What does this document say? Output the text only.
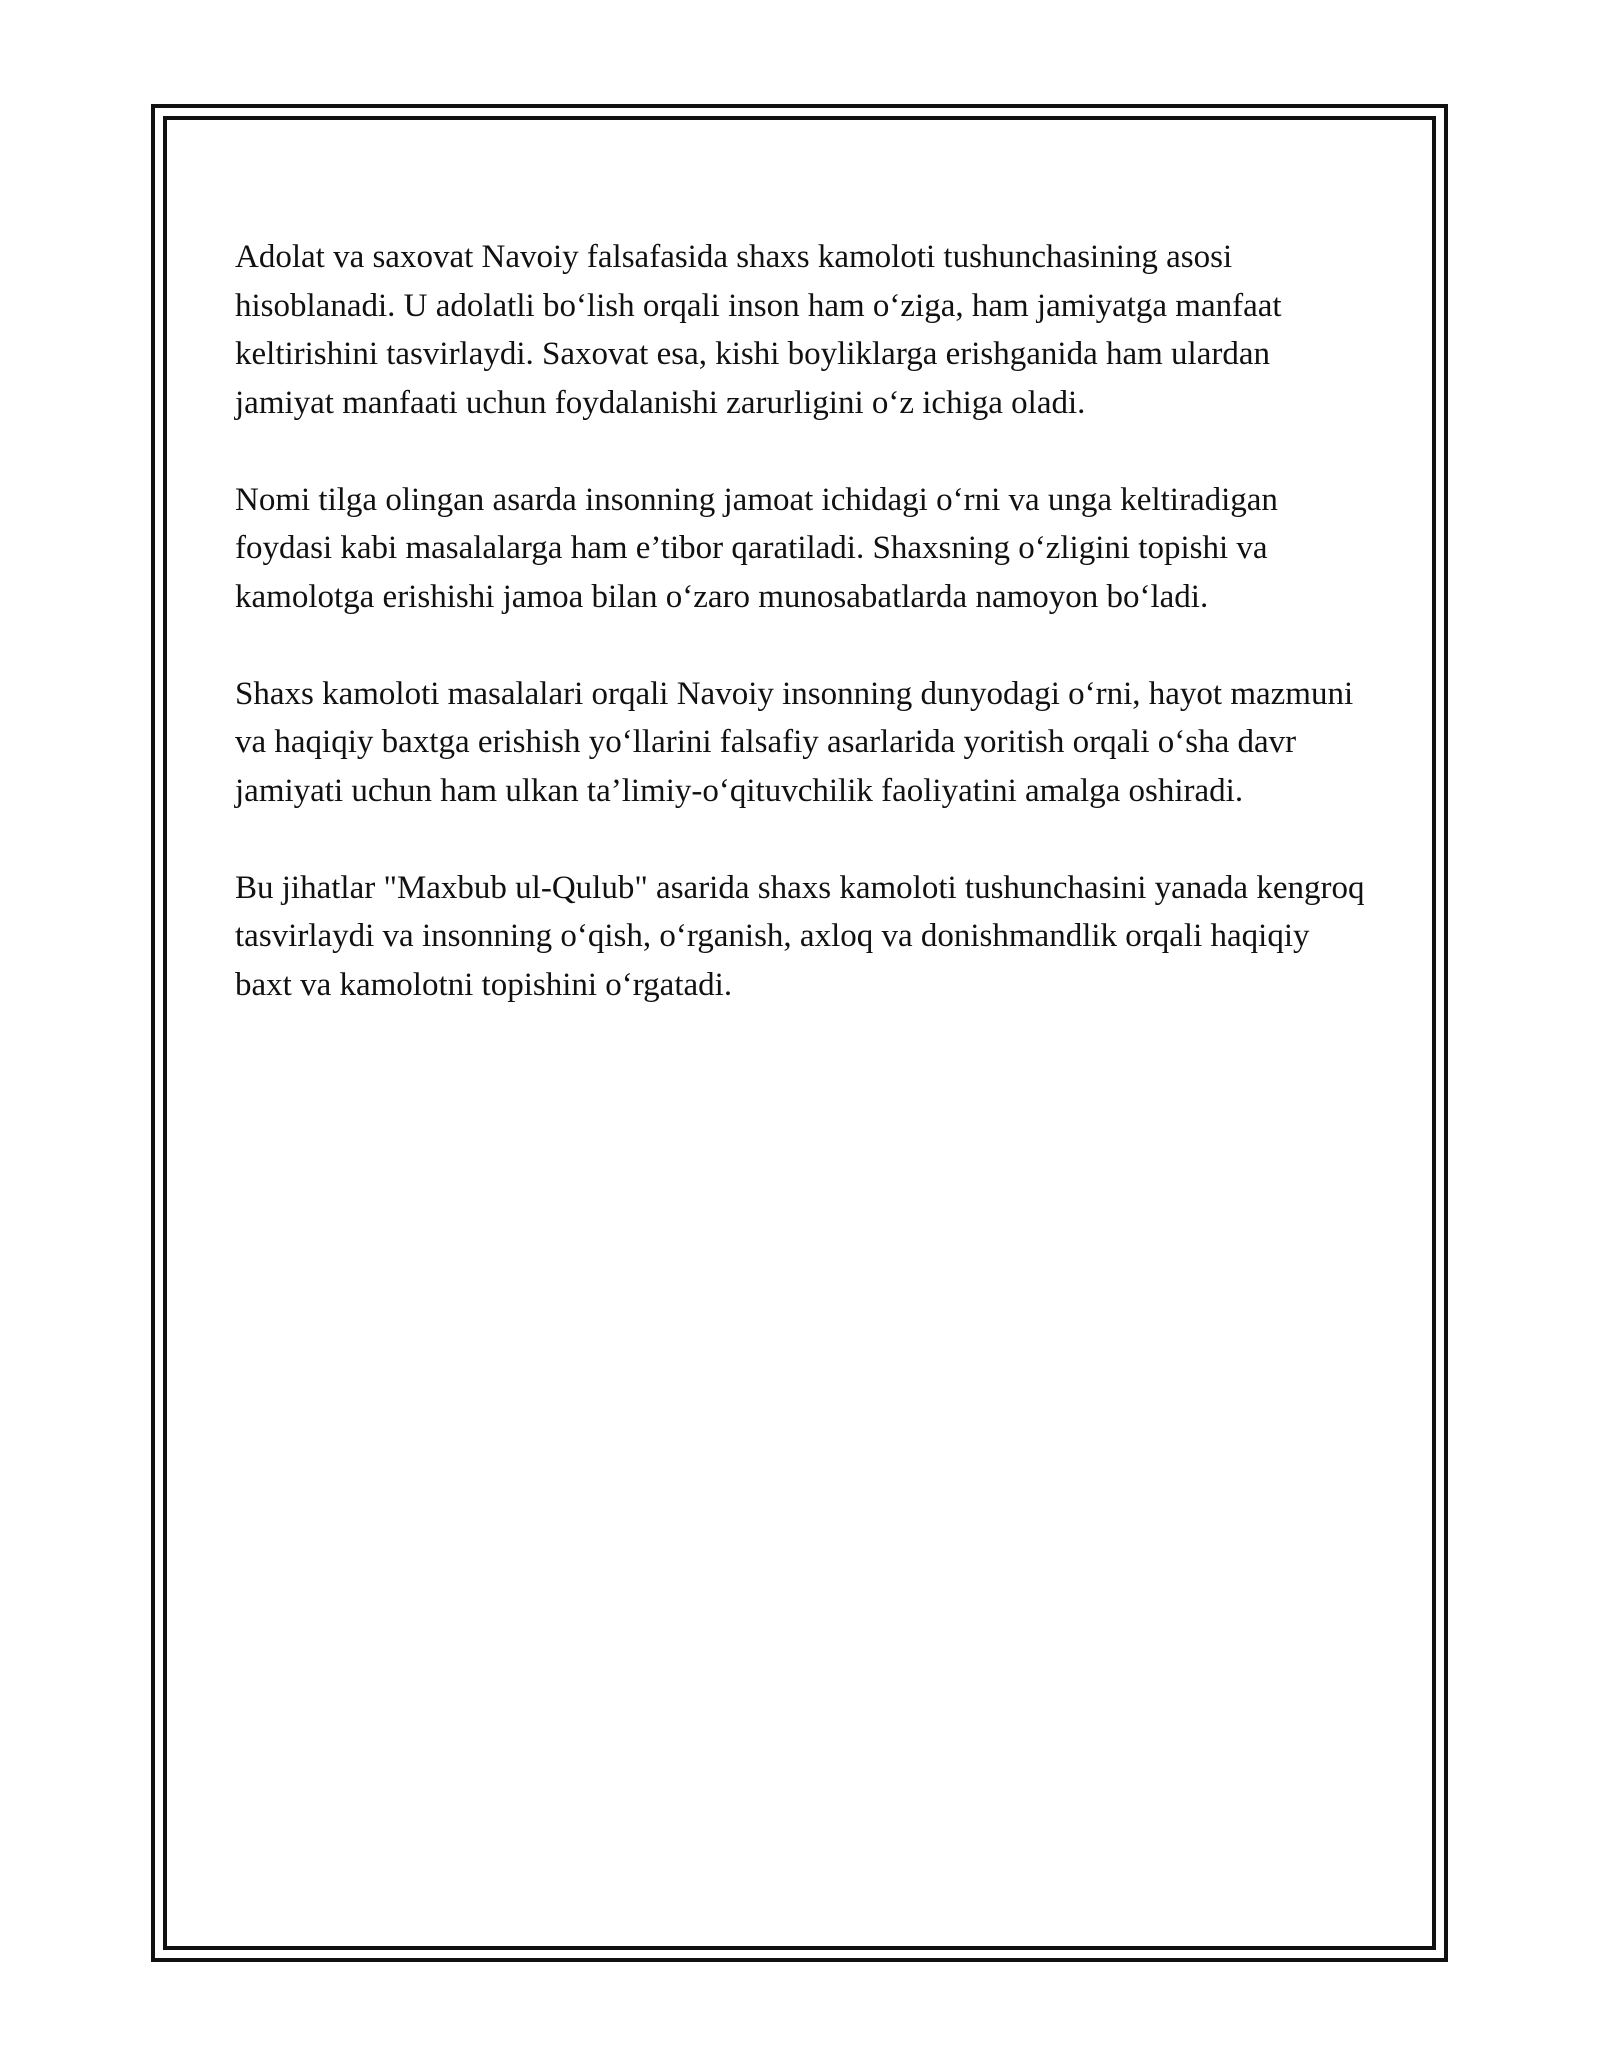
Adolat va saxovat Navoiy falsafasida shaxs kamoloti tushunchasining asosi hisoblanadi. U adolatli bo‘lish orqali inson ham o‘ziga, ham jamiyatga manfaat keltirishini tasvirlaydi. Saxovat esa, kishi boyliklarga erishganida ham ulardan jamiyat manfaati uchun foydalanishi zarurligini o‘z ichiga oladi.

Nomi tilga olingan asarda insonning jamoat ichidagi o‘rni va unga keltiradigan foydasi kabi masalalarga ham e’tibor qaratiladi. Shaxsning o‘zligini topishi va kamolotga erishishi jamoa bilan o‘zaro munosabatlarda namoyon bo‘ladi.

Shaxs kamoloti masalalari orqali Navoiy insonning dunyodagi o‘rni, hayot mazmuni va haqiqiy baxtga erishish yo‘llarini falsafiy asarlarida yoritish orqali o‘sha davr jamiyati uchun ham ulkan ta’limiy-o‘qituvchilik faoliyatini amalga oshiradi.

Bu jihatlar "Maxbub ul-Qulub" asarida shaxs kamoloti tushunchasini yanada kengroq tasvirlaydi va insonning o‘qish, o‘rganish, axloq va donishmandlik orqali haqiqiy baxt va kamolotni topishini o‘rgatadi.
